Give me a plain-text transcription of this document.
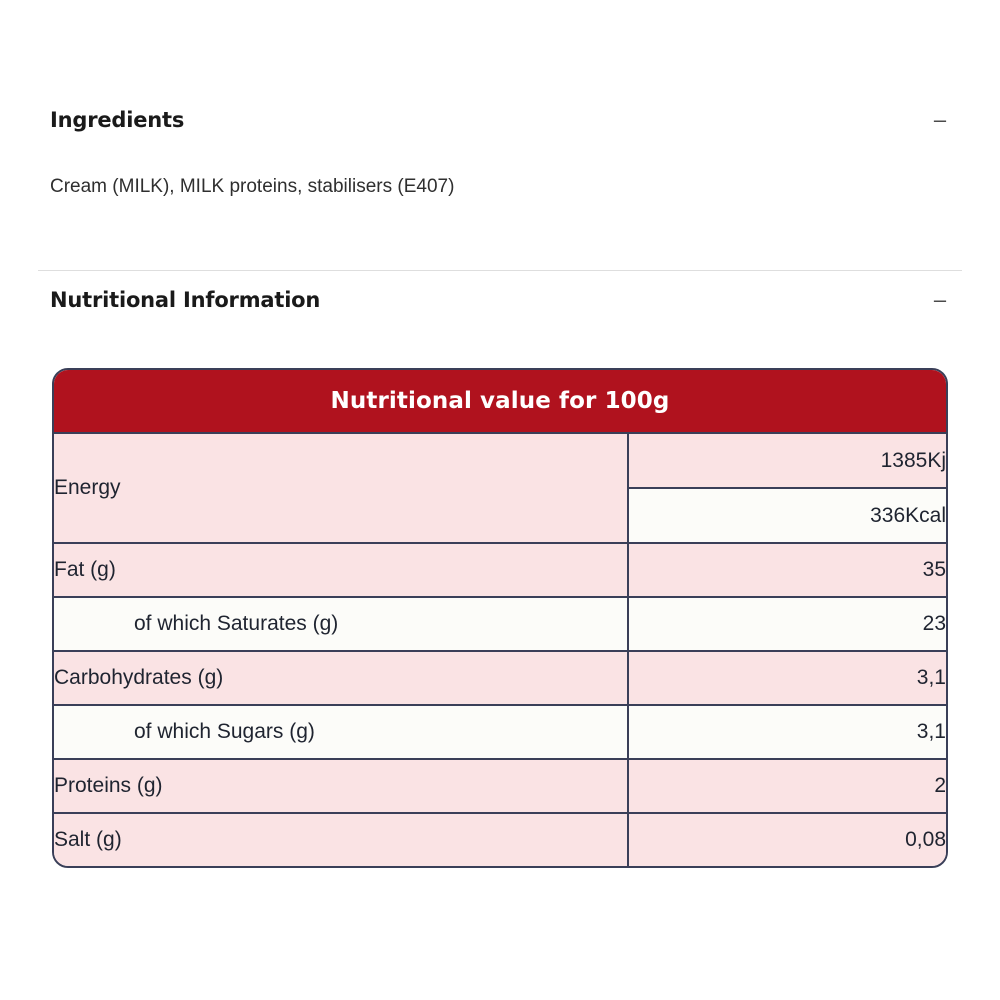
Ingredients	–
Cream (MILK), MILK proteins, stabilisers (E407)
Nutritional Information	–
Nutritional value for 100g	
Energy	1385Kj
	336Kcal
Fat (g)	35
of which Saturates (g)	23
Carbohydrates (g)	3,1
of which Sugars (g)	3,1
Proteins (g)	2
Salt (g)	0,08
